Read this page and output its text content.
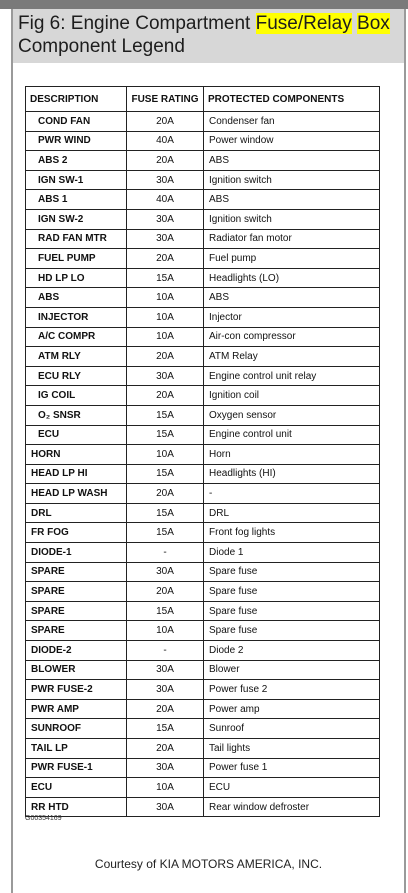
Fig 6: Engine Compartment Fuse/Relay Box Component Legend
DESCRIPTION	FUSE RATING	PROTECTED COMPONENTS
COND FAN	20A	Condenser fan
PWR WIND	40A	Power window
ABS 2	20A	ABS
IGN SW-1	30A	Ignition switch
ABS 1	40A	ABS
IGN SW-2	30A	Ignition switch
RAD FAN MTR	30A	Radiator fan motor
FUEL PUMP	20A	Fuel pump
HD LP LO	15A	Headlights (LO)
ABS	10A	ABS
INJECTOR	10A	Injector
A/C COMPR	10A	Air-con compressor
ATM RLY	20A	ATM Relay
ECU RLY	30A	Engine control unit relay
IG COIL	20A	Ignition coil
O₂ SNSR	15A	Oxygen sensor
ECU	15A	Engine control unit
HORN	10A	Horn
HEAD LP HI	15A	Headlights (HI)
HEAD LP WASH	20A	-
DRL	15A	DRL
FR FOG	15A	Front fog lights
DIODE-1	-	Diode 1
SPARE	30A	Spare fuse
SPARE	20A	Spare fuse
SPARE	15A	Spare fuse
SPARE	10A	Spare fuse
DIODE-2	-	Diode 2
BLOWER	30A	Blower
PWR FUSE-2	30A	Power fuse 2
PWR AMP	20A	Power amp
SUNROOF	15A	Sunroof
TAIL LP	20A	Tail lights
PWR FUSE-1	30A	Power fuse 1
ECU	10A	ECU
RR HTD	30A	Rear window defroster
G00354169
Courtesy of KIA MOTORS AMERICA, INC.
